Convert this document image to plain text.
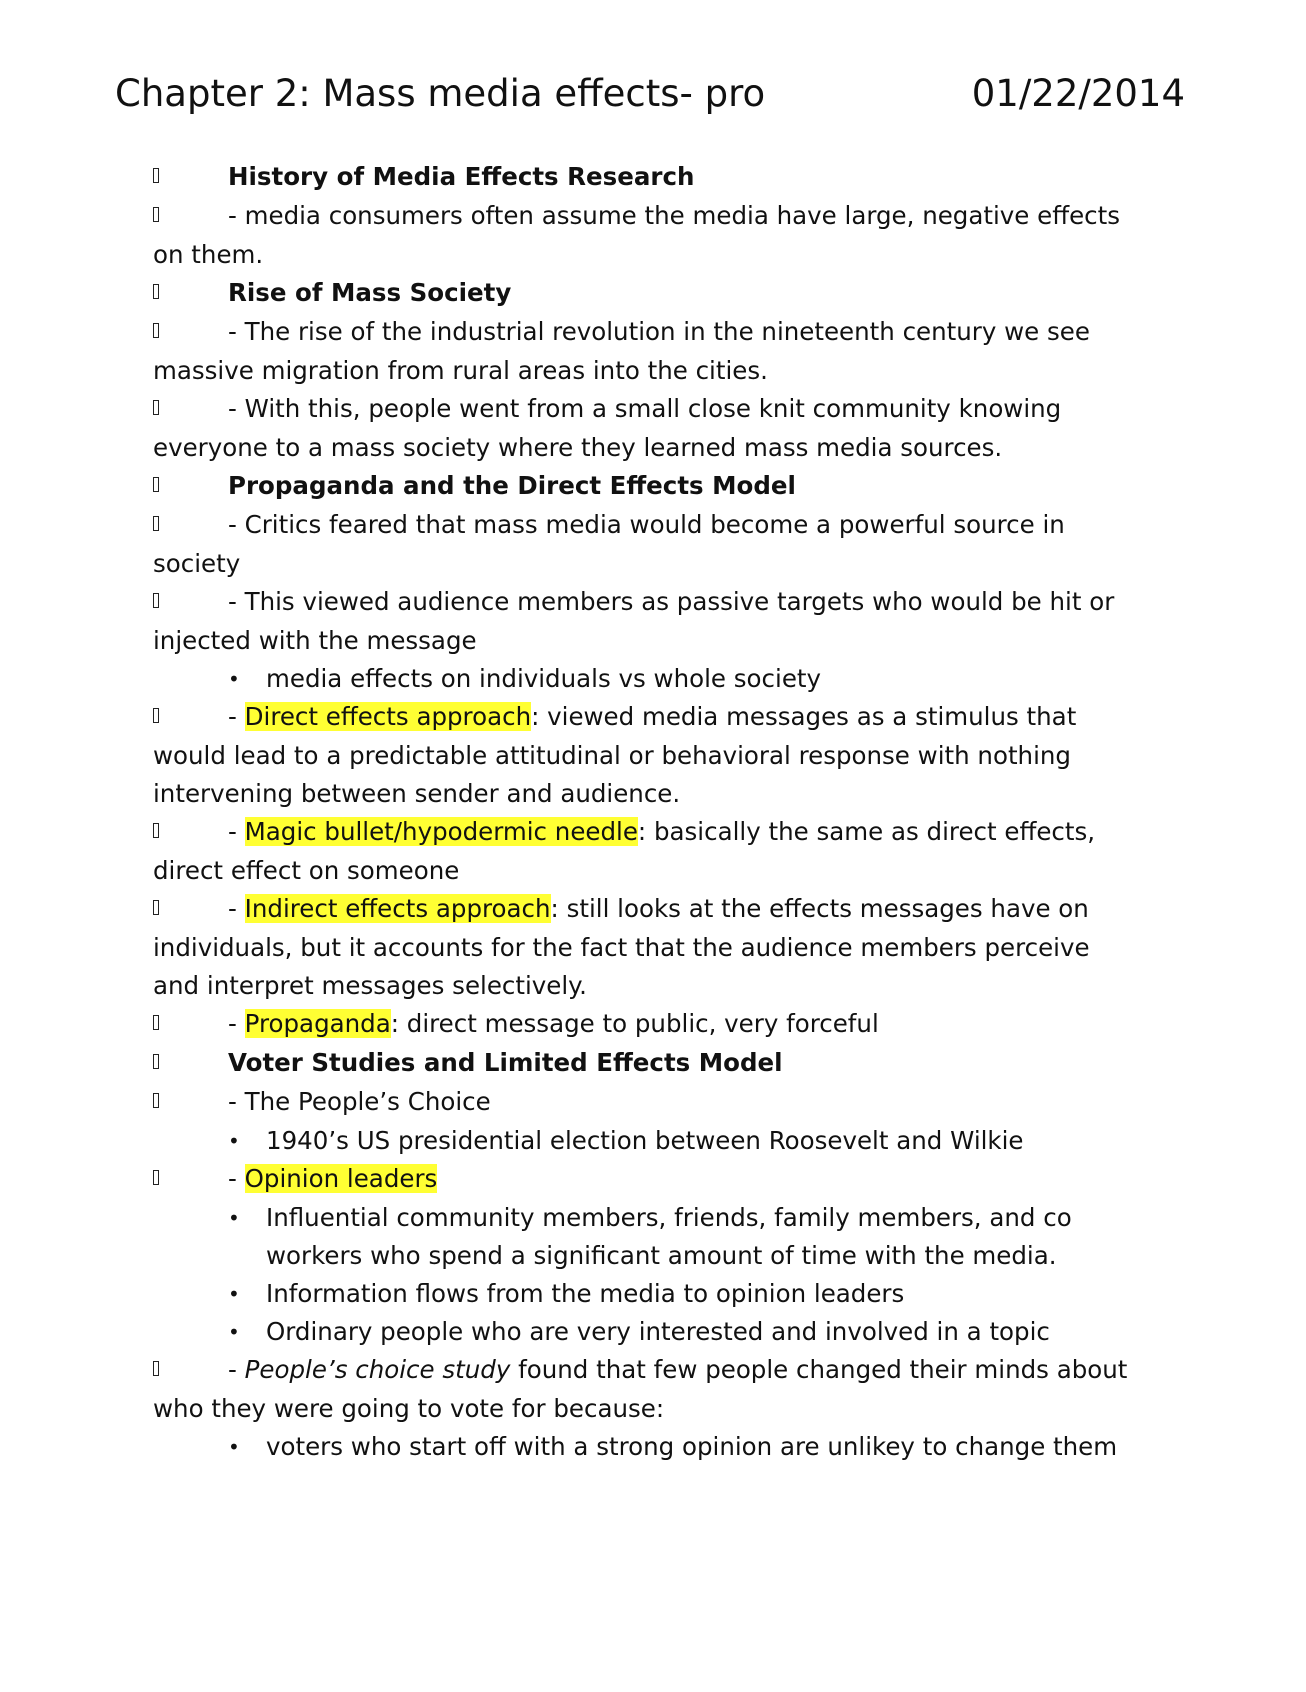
Chapter 2: Mass media effects- pro	01/22/2014
History of Media Effects Research
- media consumers often assume the media have large, negative effects on them.
Rise of Mass Society
- The rise of the industrial revolution in the nineteenth century we see massive migration from rural areas into the cities.
- With this, people went from a small close knit community knowing everyone to a mass society where they learned mass media sources.
Propaganda and the Direct Effects Model
- Critics feared that mass media would become a powerful source in society
- This viewed audience members as passive targets who would be hit or injected with the message
• media effects on individuals vs whole society
- Direct effects approach: viewed media messages as a stimulus that would lead to a predictable attitudinal or behavioral response with nothing intervening between sender and audience.
- Magic bullet/hypodermic needle: basically the same as direct effects, direct effect on someone
- Indirect effects approach: still looks at the effects messages have on individuals, but it accounts for the fact that the audience members perceive and interpret messages selectively.
- Propaganda: direct message to public, very forceful
Voter Studies and Limited Effects Model
- The People’s Choice
• 1940’s US presidential election between Roosevelt and Wilkie
- Opinion leaders
• Influential community members, friends, family members, and co workers who spend a significant amount of time with the media.
• Information flows from the media to opinion leaders
• Ordinary people who are very interested and involved in a topic
- People’s choice study found that few people changed their minds about who they were going to vote for because:
• voters who start off with a strong opinion are unlikey to change them
